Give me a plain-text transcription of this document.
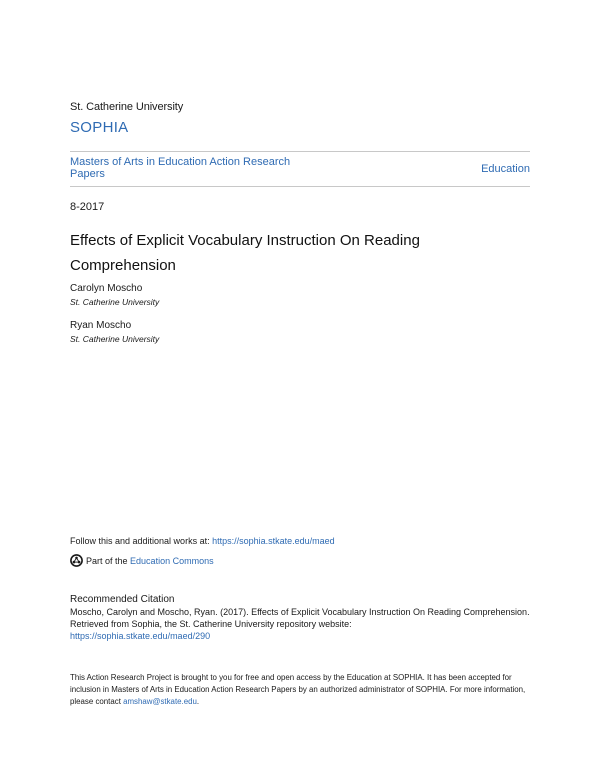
St. Catherine University
SOPHIA
Masters of Arts in Education Action Research Papers	Education
8-2017
Effects of Explicit Vocabulary Instruction On Reading Comprehension
Carolyn Moscho
St. Catherine University
Ryan Moscho
St. Catherine University
Follow this and additional works at: https://sophia.stkate.edu/maed
Part of the
Education Commons
Recommended Citation
Moscho, Carolyn and Moscho, Ryan. (2017). Effects of Explicit Vocabulary Instruction On Reading Comprehension. Retrieved from Sophia, the St. Catherine University repository website:
https://sophia.stkate.edu/maed/290
This Action Research Project is brought to you for free and open access by the Education at SOPHIA. It has been accepted for inclusion in Masters of Arts in Education Action Research Papers by an authorized administrator of SOPHIA. For more information, please contact amshaw@stkate.edu.
